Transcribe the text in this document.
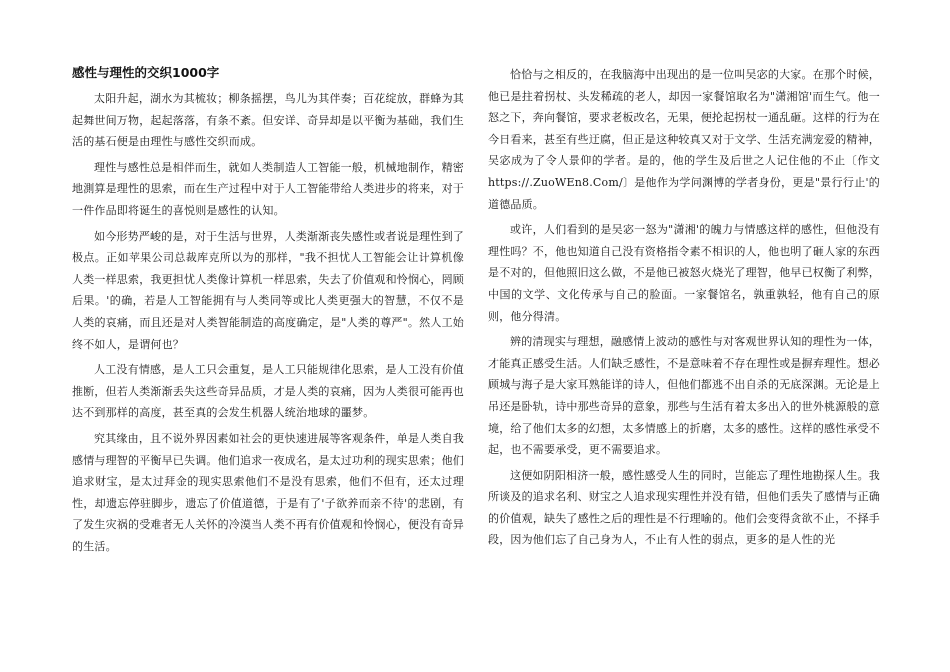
感性与理性的交织1000字

太阳升起，湖水为其梳妆；柳条摇摆，鸟儿为其伴奏；百花绽放，群蜂为其起舞世间万物，起起落落，有条不紊。但安详、奇异却是以平衡为基础，我们生活的基石便是由理性与感性交织而成。

理性与感性总是相伴而生，就如人类制造人工智能一般，机械地制作，精密地測算是理性的思索，而在生产过程中对于人工智能带给人类进步的将来，对于一件作品即将诞生的喜悦则是感性的认知。

如今形势严峻的是，对于生活与世界，人类渐渐丧失感性或者说是理性到了极点。正如苹果公司总裁库克所以为的那样，"我不担忧人工智能会让计算机像人类一样思索，我更担忧人类像计算机一样思索，失去了价值观和怜悯心，罔顾后果。'的确，若是人工智能拥有与人类同等或比人类更强大的智慧，不仅不是人类的哀痛，而且还是对人类智能制造的高度确定，是"人类的尊严"。然人工始终不如人，是谓何也？

人工没有情感，是人工只会重复，是人工只能规律化思索，是人工没有价值推断，但若人类渐渐丢失这些奇异品质，才是人类的哀痛，因为人类很可能再也达不到那样的高度，甚至真的会发生机器人统治地球的噩梦。

究其缘由，且不说外界因素如社会的更快速进展等客观条件，单是人类自我感情与理智的平衡早已失调。他们追求一夜成名，是太过功利的现实思索；他们追求财宝，是太过拜金的现实思索他们不是没有思索，他们不但有，还太过理性，却遗忘停驻脚步，遗忘了价值道德，于是有了'子欲养而亲不待'的悲剧，有了发生灾祸的受难者无人关怀的冷漠当人类不再有价值观和怜悯心，便没有奇异的生活。

恰恰与之相反的，在我脑海中出现出的是一位叫吴宓的大家。在那个时候，他已是拄着拐杖、头发稀疏的老人，却因一家餐馆取名为"潇湘馆'而生气。他一怒之下，奔向餐馆，要求老板改名，无果，便抡起拐杖一通乱砸。这样的行为在今日看来，甚至有些迂腐，但正是这种较真又对于文学、生活充满宠爱的精神，吴宓成为了令人景仰的学者。是的，他的学生及后世之人记住他的不止〔作文https://.ZuoWEn8.Com/〕是他作为学问渊博的学者身份，更是"景行行止'的道德品质。

或许，人们看到的是吴宓一怒为"潇湘'的魄力与情感这样的感性，但他没有理性吗？不，他也知道自己没有资格指令素不相识的人，他也明了砸人家的东西是不对的，但他照旧这么做，不是他已被怒火烧光了理智，他早已权衡了利弊，中国的文学、文化传承与自己的脸面。一家餐馆名，孰重孰轻，他有自己的原则，他分得清。

辨的清现实与理想，融感情上波动的感性与对客观世界认知的理性为一体，才能真正感受生活。人们缺乏感性，不是意味着不存在理性或是摒弃理性。想必顾城与海子是大家耳熟能详的诗人，但他们都逃不出自杀的无底深渊。无论是上吊还是卧轨，诗中那些奇异的意象，那些与生活有着太多出入的世外桃源般的意境，给了他们太多的幻想，太多情感上的折磨，太多的感性。这样的感性承受不起，也不需要承受，更不需要追求。

这便如阴阳相济一般，感性感受人生的同时，岂能忘了理性地勘探人生。我所谈及的追求名利、财宝之人追求现实理性并没有错，但他们丢失了感情与正确的价值观，缺失了感性之后的理性是不行理喻的。他们会变得贪欲不止，不择手段，因为他们忘了自己身为人，不止有人性的弱点，更多的是人性的光
